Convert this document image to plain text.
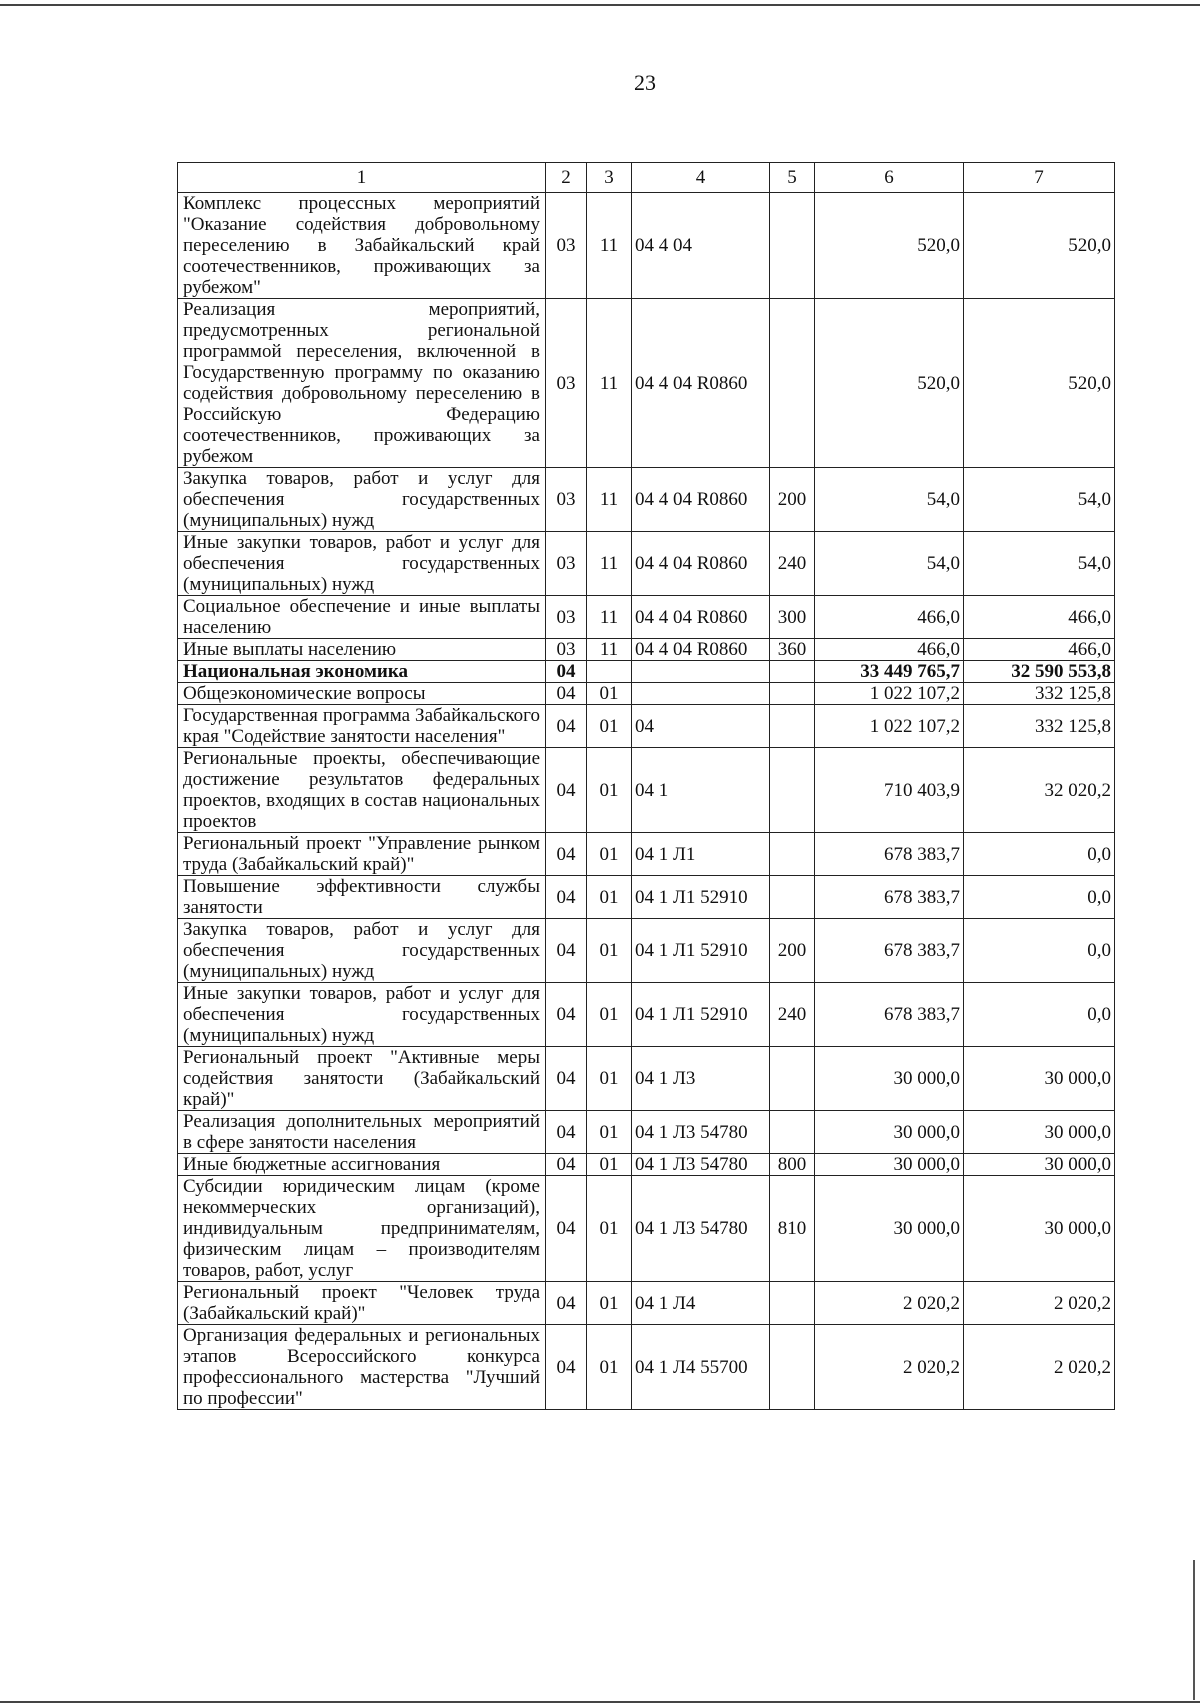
23
1	2	3	4	5	6	7
Комплекс процессных мероприятий "Оказание содействия добровольному переселению в Забайкальский край соотечественников, проживающих за рубежом"	03	11	04 4 04		520,0	520,0
Реализация мероприятий, предусмотренных региональной программой переселения, включенной в Государственную программу по оказанию содействия добровольному переселению в Российскую Федерацию соотечественников, проживающих за рубежом	03	11	04 4 04 R0860		520,0	520,0
Закупка товаров, работ и услуг для обеспечения государственных (муниципальных) нужд	03	11	04 4 04 R0860	200	54,0	54,0
Иные закупки товаров, работ и услуг для обеспечения государственных (муниципальных) нужд	03	11	04 4 04 R0860	240	54,0	54,0
Социальное обеспечение и иные выплаты населению	03	11	04 4 04 R0860	300	466,0	466,0
Иные выплаты населению	03	11	04 4 04 R0860	360	466,0	466,0
Национальная экономика	04				33 449 765,7	32 590 553,8
Общеэкономические вопросы	04	01			1 022 107,2	332 125,8
Государственная программа Забайкальского края "Содействие занятости населения"	04	01	04		1 022 107,2	332 125,8
Региональные проекты, обеспечивающие достижение результатов федеральных проектов, входящих в состав национальных проектов	04	01	04 1		710 403,9	32 020,2
Региональный проект "Управление рынком труда (Забайкальский край)"	04	01	04 1 Л1		678 383,7	0,0
Повышение эффективности службы занятости	04	01	04 1 Л1 52910		678 383,7	0,0
Закупка товаров, работ и услуг для обеспечения государственных (муниципальных) нужд	04	01	04 1 Л1 52910	200	678 383,7	0,0
Иные закупки товаров, работ и услуг для обеспечения государственных (муниципальных) нужд	04	01	04 1 Л1 52910	240	678 383,7	0,0
Региональный проект "Активные меры содействия занятости (Забайкальский край)"	04	01	04 1 Л3		30 000,0	30 000,0
Реализация дополнительных мероприятий в сфере занятости населения	04	01	04 1 Л3 54780		30 000,0	30 000,0
Иные бюджетные ассигнования	04	01	04 1 Л3 54780	800	30 000,0	30 000,0
Субсидии юридическим лицам (кроме некоммерческих организаций), индивидуальным предпринимателям, физическим лицам – производителям товаров, работ, услуг	04	01	04 1 Л3 54780	810	30 000,0	30 000,0
Региональный проект "Человек труда (Забайкальский край)"	04	01	04 1 Л4		2 020,2	2 020,2
Организация федеральных и региональных этапов Всероссийского конкурса профессионального мастерства "Лучший по профессии"	04	01	04 1 Л4 55700		2 020,2	2 020,2
